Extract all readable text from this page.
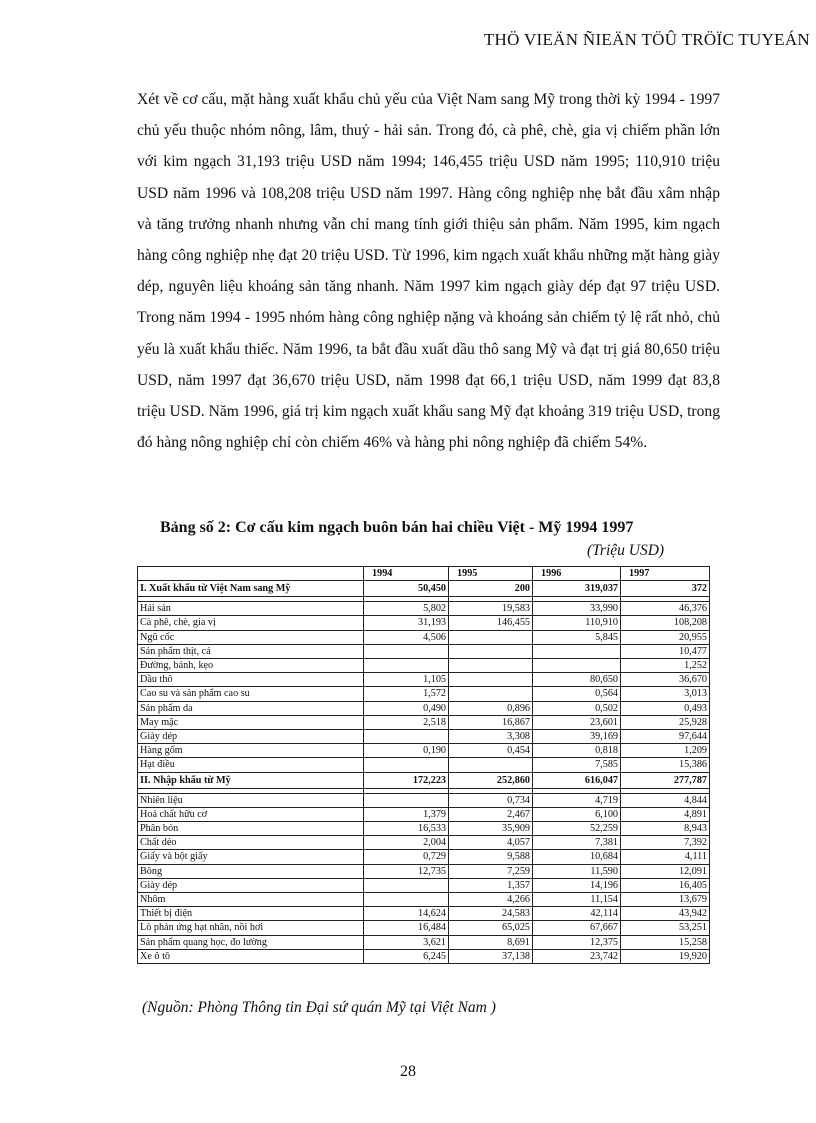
THÖ VIEÄN ÑIEÄN TÖÛ TRÖÏC TUYEÁN

Xét về cơ cấu, mặt hàng xuất khẩu chủ yếu của Việt Nam sang Mỹ trong thời kỳ 1994 - 1997 chủ yếu thuộc nhóm nông, lâm, thuỷ - hải sản. Trong đó, cà phê, chè, gia vị chiếm phần lớn với kim ngạch 31,193 triệu USD năm 1994; 146,455 triệu USD năm 1995; 110,910 triệu USD năm 1996 và 108,208 triệu USD năm 1997. Hàng công nghiệp nhẹ bắt đầu xâm nhập và tăng trưởng nhanh nhưng vẫn chỉ mang tính giới thiệu sản phẩm. Năm 1995, kim ngạch hàng công nghiệp nhẹ đạt 20 triệu USD. Từ 1996, kim ngạch xuất khẩu những mặt hàng giày dép, nguyên liệu khoáng sản tăng nhanh. Năm 1997 kim ngạch giày dép đạt 97 triệu USD. Trong năm 1994 - 1995 nhóm hàng công nghiệp nặng và khoáng sản chiếm tỷ lệ rất nhỏ, chủ yếu là xuất khẩu thiếc. Năm 1996, ta bắt đầu xuất dầu thô sang Mỹ và đạt trị giá 80,650 triệu USD, năm 1997 đạt 36,670 triệu USD, năm 1998 đạt 66,1 triệu USD, năm 1999 đạt 83,8 triệu USD. Năm 1996, giá trị kim ngạch xuất khẩu sang Mỹ đạt khoảng 319 triệu USD, trong đó hàng nông nghiệp chỉ còn chiếm 46% và hàng phi nông nghiệp đã chiếm 54%.

Bảng số 2: Cơ cấu kim ngạch buôn bán hai chiều Việt - Mỹ 1994 1997
(Triệu USD)
	1994	1995	1996	1997
I. Xuất khẩu từ Việt Nam sang Mỹ	50,450	200	319,037	372

Hải sản	5,802	19,583	33,990	46,376
Cà phê, chè, gia vị	31,193	146,455	110,910	108,208
Ngũ cốc	4,506		5,845	20,955
Sản phẩm thịt, cá				10,477
Đường, bánh, kẹo				1,252
Dầu thô	1,105		80,650	36,670
Cao su và sản phẩm cao su	1,572		0,564	3,013
Sản phẩm da	0,490	0,896	0,502	0,493
May mặc	2,518	16,867	23,601	25,928
Giày dép		3,308	39,169	97,644
Hàng gốm	0,190	0,454	0,818	1,209
Hạt điều			7,585	15,386
II. Nhập khẩu từ Mỹ	172,223	252,860	616,047	277,787

Nhiên liệu		0,734	4,719	4,844
Hoá chất hữu cơ	1,379	2,467	6,100	4,891
Phân bón	16,533	35,909	52,259	8,943
Chất dẻo	2,004	4,057	7,381	7,392
Giấy và bột giấy	0,729	9,588	10,684	4,111
Bông	12,735	7,259	11,590	12,091
Giày dép		1,357	14,196	16,405
Nhôm		4,266	11,154	13,679
Thiết bị điện	14,624	24,583	42,114	43,942
Lò phản ứng hạt nhân, nồi hơi	16,484	65,025	67,667	53,251
Sản phẩm quang học, đo lường	3,621	8,691	12,375	15,258
Xe ô tô	6,245	37,138	23,742	19,920
(Nguồn: Phòng Thông tin Đại sứ quán Mỹ tại Việt Nam )
28
